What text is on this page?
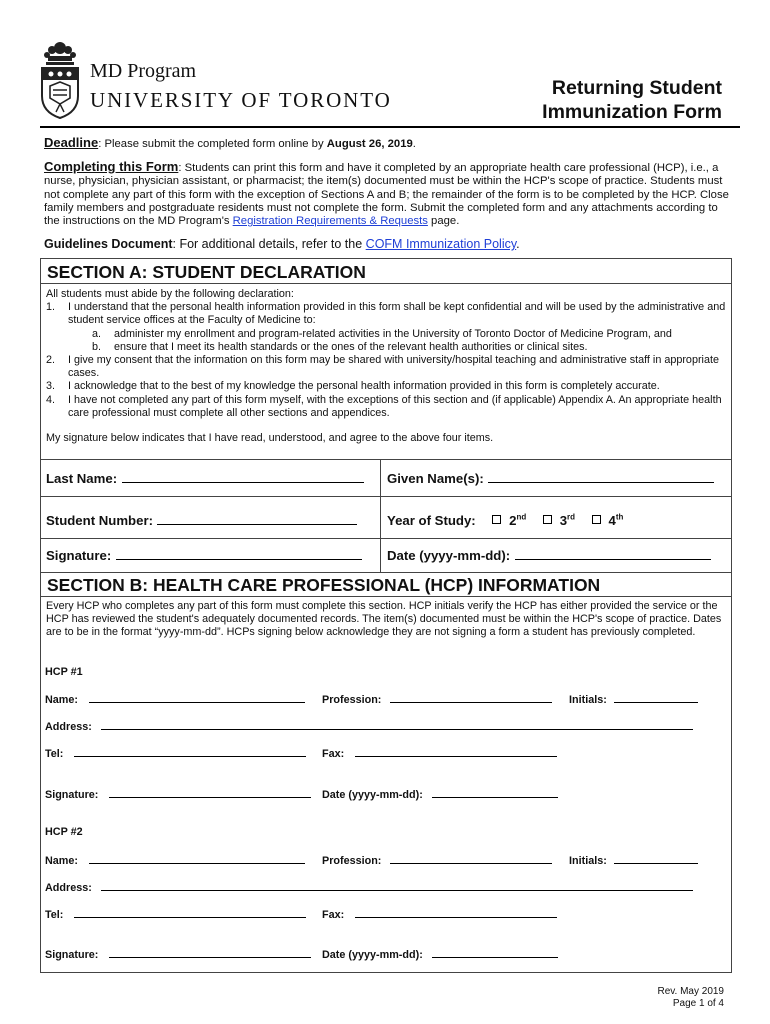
MD Program
UNIVERSITY OF TORONTO	Returning Student
Immunization Form
Deadline: Please submit the completed form online by August 26, 2019.
Completing this Form: Students can print this form and have it completed by an appropriate health care professional (HCP), i.e., a nurse, physician, physician assistant, or pharmacist; the item(s) documented must be within the HCP's scope of practice. Students must not complete any part of this form with the exception of Sections A and B; the remainder of the form is to be completed by the HCP. Close family members and postgraduate residents must not complete the form. Submit the completed form and any attachments according to the instructions on the MD Program's Registration Requirements & Requests page.
Guidelines Document: For additional details, refer to the COFM Immunization Policy.
SECTION A: STUDENT DECLARATION
All students must abide by the following declaration:
1.	I understand that the personal health information provided in this form shall be kept confidential and will be used by the administrative and student service offices at the Faculty of Medicine to:
a.	administer my enrollment and program-related activities in the University of Toronto Doctor of Medicine Program, and
b.	ensure that I meet its health standards or the ones of the relevant health authorities or clinical sites.
2.	I give my consent that the information on this form may be shared with university/hospital teaching and administrative staff in appropriate cases.
3.	I acknowledge that to the best of my knowledge the personal health information provided in this form is completely accurate.
4.	I have not completed any part of this form myself, with the exceptions of this section and (if applicable) Appendix A. An appropriate health care professional must complete all other sections and appendices.
My signature below indicates that I have read, understood, and agree to the above four items.
Last Name:	Given Name(s):
Student Number:	Year of Study:	2nd	3rd	4th
Signature:	Date (yyyy-mm-dd):
SECTION B: HEALTH CARE PROFESSIONAL (HCP) INFORMATION
Every HCP who completes any part of this form must complete this section. HCP initials verify the HCP has either provided the service or the HCP has reviewed the student's adequately documented records. The item(s) documented must be within the HCP's scope of practice. Dates are to be in the format “yyyy-mm-dd”. HCPs signing below acknowledge they are not signing a form a student has previously completed.
HCP #1
Name:	Profession:	Initials:
Address:
Tel:	Fax:
Signature:	Date (yyyy-mm-dd):
HCP #2
Name:	Profession:	Initials:
Address:
Tel:	Fax:
Signature:	Date (yyyy-mm-dd):
Rev. May 2019
Page 1 of 4
